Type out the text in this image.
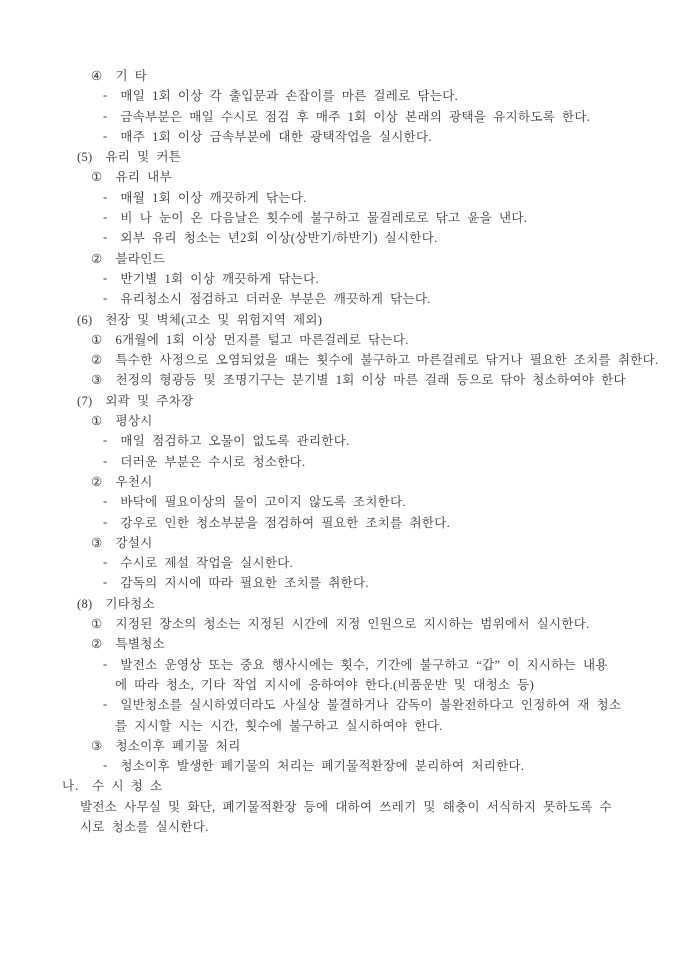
④ 기 타
- 매일 1회 이상 각 출입문과 손잡이를 마른 걸레로 닦는다.
- 금속부분은 매일 수시로 점검 후 매주 1회 이상 본래의 광택을 유지하도록 한다.
- 매주 1회 이상 금속부분에 대한 광택작업을 실시한다.
(5) 유리 및 커튼
① 유리 내부
- 매월 1회 이상 깨끗하게 닦는다.
- 비 나 눈이 온 다음날은 횟수에 불구하고 물걸레로로 닦고 윤을 낸다.
- 외부 유리 청소는 년2회 이상(상반기/하반기) 실시한다.
② 블라인드
- 반기별 1회 이상 깨끗하게 닦는다.
- 유리청소시 점검하고 더러운 부분은 깨끗하게 닦는다.
(6) 천장 및 벽체(고소 및 위험지역 제외)
① 6개월에 1회 이상 먼지를 털고 마른걸레로 닦는다.
② 특수한 사정으로 오염되었을 때는 횟수에 불구하고 마른걸레로 닦거나 필요한 조치를 취한다.
③ 천정의 형광등 및 조명기구는 분기별 1회 이상 마른 걸래 등으로 닦아 청소하여야 한다
(7) 외곽 및 주차장
① 평상시
- 매일 점검하고 오물이 없도록 관리한다.
- 더러운 부분은 수시로 청소한다.
② 우천시
- 바닥에 필요이상의 물이 고이지 않도록 조치한다.
- 강우로 인한 청소부분을 점검하여 필요한 조치를 취한다.
③ 강설시
- 수시로 제설 작업을 실시한다.
- 감독의 지시에 따라 필요한 조치를 취한다.
(8) 기타청소
① 지정된 장소의 청소는 지정된 시간에 지정 인원으로 지시하는 범위에서 실시한다.
② 특별청소
- 발전소 운영상 또는 중요 행사시에는 횟수, 기간에 불구하고 “갑” 이 지시하는 내용
에 따라 청소, 기타 작업 지시에 응하여야 한다.(비품운반 및 대청소 등)
- 일반청소를 실시하였더라도 사실상 불결하거나 감독이 불완전하다고 인정하여 재 청소
를 지시할 시는 시간, 횟수에 불구하고 실시하여야 한다.
③ 청소이후 폐기물 처리
- 청소이후 발생한 폐기물의 처리는 폐기물적환장에 분리하여 처리한다.
나. 수 시 청 소
발전소 사무실 및 화단, 폐기물적환장 등에 대하여 쓰레기 및 해충이 서식하지 못하도록 수
시로 청소를 실시한다.
